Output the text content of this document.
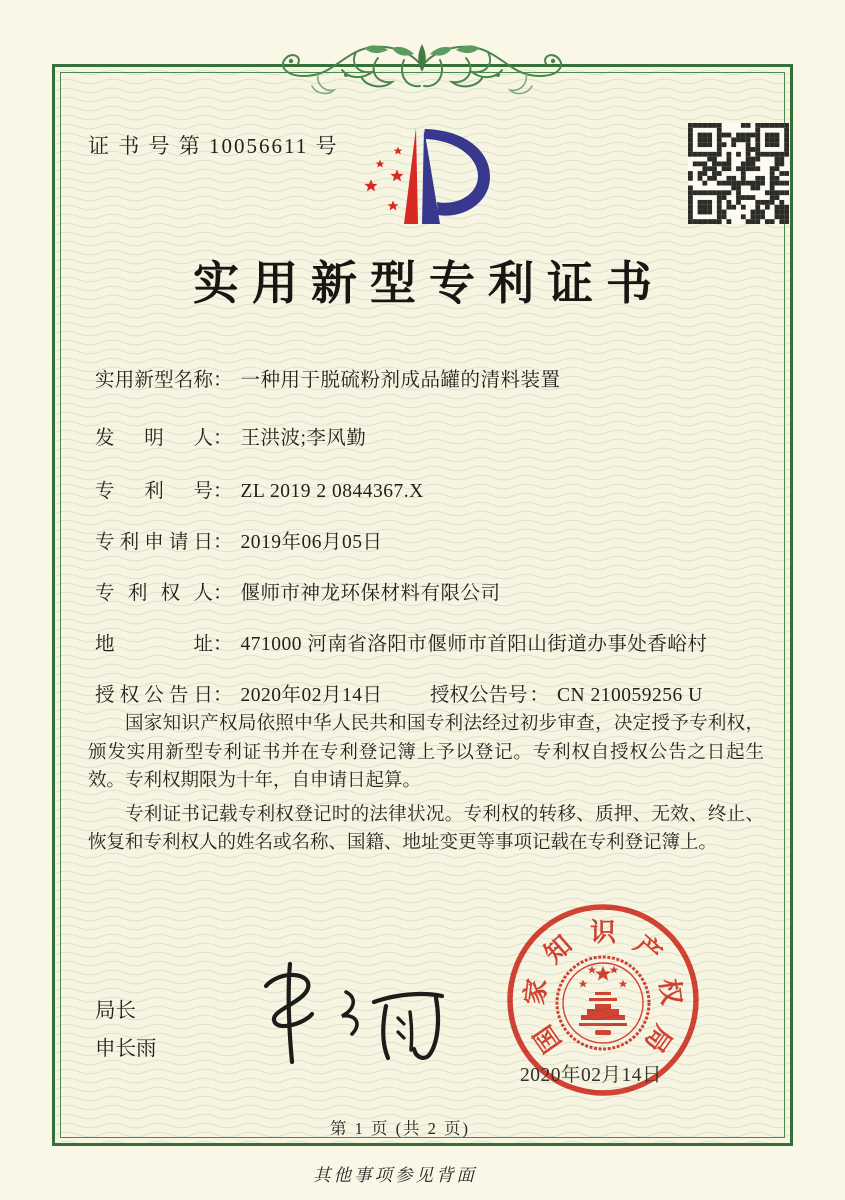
证 书 号 第 10056611 号
实用新型专利证书
实用新型名称： 一种用于脱硫粉剂成品罐的清料装置
发明人： 王洪波;李风勤
专利号： ZL 2019 2 0844367.X
专利申请日： 2019年06月05日
专利权人： 偃师市神龙环保材料有限公司
地址： 471000 河南省洛阳市偃师市首阳山街道办事处香峪村
授权公告日： 2020年02月14日 授权公告号 ： CN 210059256 U

国家知识产权局依照中华人民共和国专利法经过初步审查，决定授予专利权，颁发实用新型专利证书并在专利登记簿上予以登记。专利权自授权公告之日起生效。专利权期限为十年，自申请日起算。

专利证书记载专利权登记时的法律状况。专利权的转移、质押、无效、终止、恢复和专利权人的姓名或名称、国籍、地址变更等事项记载在专利登记簿上。

局长
申长雨	国
家
知 识 产
权
局
2020年02月14日
第 1 页 (共 2 页)
其他事项参见背面
